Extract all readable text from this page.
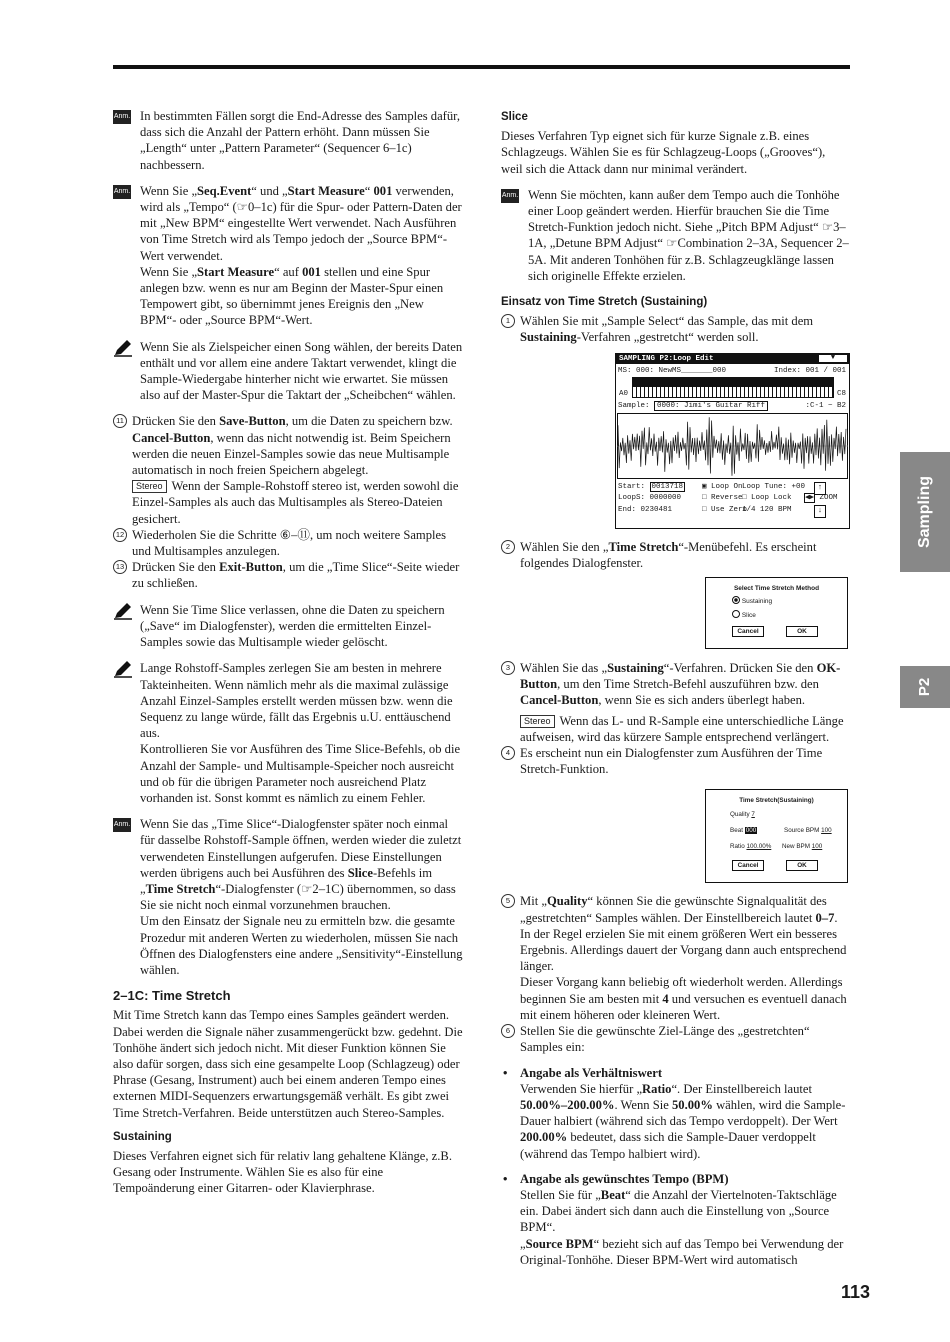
Anm. In bestimmten Fällen sorgt die End-Adresse des Samples dafür, dass sich die Anzahl der Pattern erhöht. Dann müssen Sie „Length“ unter „Pattern Parameter“ (Sequencer 6–1c) nachbessern.

Anm. Wenn Sie „Seq.Event“ und „Start Measure“ 001 verwenden, wird als „Tempo“ (☞0–1c) für die Spur- oder Pattern-Daten der mit „New BPM“ eingestellte Wert verwendet. Nach Ausführen von Time Stretch wird als Tempo jedoch der „Source BPM“-Wert verwendet.

Wenn Sie „Start Measure“ auf 001 stellen und eine Spur anlegen bzw. wenn es nur am Beginn der Master-Spur einen Tempowert gibt, so übernimmt jenes Ereignis den „New BPM“- oder „Source BPM“-Wert.

Wenn Sie als Zielspeicher einen Song wählen, der bereits Daten enthält und vor allem eine andere Taktart verwendet, klingt die Sample-Wiedergabe hinterher nicht wie erwartet. Sie müssen also auf der Master-Spur die Taktart der „Scheibchen“ wählen.

11 Drücken Sie den Save-Button, um die Daten zu speichern bzw. Cancel-Button, wenn das nicht notwendig ist. Beim Speichern werden die neuen Einzel-Samples sowie das neue Multisample automatisch in noch freien Speichern abgelegt.

Stereo Wenn der Sample-Rohstoff stereo ist, werden sowohl die Einzel-Samples als auch das Multisamples als Stereo-Dateien gesichert.

12 Wiederholen Sie die Schritte ⑥–⑪, um noch weitere Samples und Multisamples anzulegen.

13 Drücken Sie den Exit-Button, um die „Time Slice“-Seite wieder zu schließen.

Wenn Sie Time Slice verlassen, ohne die Daten zu speichern („Save“ im Dialogfenster), werden die ermittelten Einzel-Samples sowie das Multisample wieder gelöscht.

Lange Rohstoff-Samples zerlegen Sie am besten in mehrere Takteinheiten. Wenn nämlich mehr als die maximal zulässige Anzahl Einzel-Samples erstellt werden müssen bzw. wenn die Sequenz zu lange würde, fällt das Ergebnis u.U. enttäuschend aus.

Kontrollieren Sie vor Ausführen des Time Slice-Befehls, ob die Anzahl der Sample- und Multisample-Speicher noch ausreicht und ob für die übrigen Parameter noch ausreichend Platz vorhanden ist. Sonst kommt es nämlich zu einem Fehler.

Anm. Wenn Sie das „Time Slice“-Dialogfenster später noch einmal für dasselbe Rohstoff-Sample öffnen, werden wieder die zuletzt verwendeten Einstellungen aufgerufen. Diese Einstellungen werden übrigens auch bei Ausführen des Slice-Befehls im „Time Stretch“-Dialogfenster (☞2–1C) übernommen, so dass Sie sie nicht noch einmal vorzunehmen brauchen.

Um den Einsatz der Signale neu zu ermitteln bzw. die gesamte Prozedur mit anderen Werten zu wiederholen, müssen Sie nach Öffnen des Dialogfensters eine andere „Sensitivity“-Einstellung wählen.

2–1C: Time Stretch

Mit Time Stretch kann das Tempo eines Samples geändert werden. Dabei werden die Signale näher zusammengerückt bzw. gedehnt. Die Tonhöhe ändert sich jedoch nicht. Mit dieser Funktion können Sie also dafür sorgen, dass sich eine gesampelte Loop (Schlagzeug) oder Phrase (Gesang, Instrument) auch bei einem anderen Tempo eines externen MIDI-Sequenzers erwartungsgemäß verhält. Es gibt zwei Time Stretch-Verfahren. Beide unterstützen auch Stereo-Samples.

Sustaining

Dieses Verfahren eignet sich für relativ lang gehaltene Klänge, z.B. Gesang oder Instrumente. Wählen Sie es also für eine Tempoänderung einer Gitarren- oder Klavierphrase.

Slice

Dieses Verfahren Typ eignet sich für kurze Signale z.B. eines Schlagzeugs. Wählen Sie es für Schlagzeug-Loops („Grooves“), weil sich die Attack dann nur minimal verändert.

Anm. Wenn Sie möchten, kann außer dem Tempo auch die Tonhöhe einer Loop geändert werden. Hierfür brauchen Sie die Time Stretch-Funktion jedoch nicht. Siehe „Pitch BPM Adjust“ ☞3–1A, „Detune BPM Adjust“ ☞Combination 2–3A, Sequencer 2–5A. Mit anderen Tonhöhen für z.B. Schlagzeugklänge lassen sich originelle Effekte erzielen.

Einsatz von Time Stretch (Sustaining)
1 Wählen Sie mit „Sample Select“ das Sample, das mit dem Sustaining-Verfahren „gestretcht“ werden soll.

SAMPLING P2:Loop Edit	▼
MS: 000: NewMS_______000	Index: 001 / 001
A0	C8
Sample: 0000: Jimi's Guitar Riff	:C-1 ~ B2
Start: 0013718	▣ Loop On Loop Tune: +00	↑
LoopS: 0000000	□ Reverse □ Loop Lock ◀▶ ZOOM
End: 0230481	□ Use Zero
1/4 120 BPM	↓
2 Wählen Sie den „Time Stretch“-Menübefehl. Es erscheint folgendes Dialogfenster.

Select Time Stretch Method
Sustaining
Slice
Cancel	OK
3 Wählen Sie das „Sustaining“-Verfahren. Drücken Sie den OK-Button, um den Time Stretch-Befehl auszuführen bzw. den Cancel-Button, wenn Sie es sich anders überlegt haben.

Stereo Wenn das L- und R-Sample eine unterschiedliche Länge aufweisen, wird das kürzere Sample entsprechend verlängert.

4 Es erscheint nun ein Dialogfenster zum Ausführen der Time Stretch-Funktion.

Time Stretch(Sustaining)
Quality 7
Beat 000	Source BPM 100
Ratio 100.00% New BPM 100
Cancel	OK
5 Mit „Quality“ können Sie die gewünschte Signalqualität des „gestretchten“ Samples wählen. Der Einstellbereich lautet 0–7. In der Regel erzielen Sie mit einem größeren Wert ein besseres Ergebnis. Allerdings dauert der Vorgang dann auch entsprechend länger.

Dieser Vorgang kann beliebig oft wiederholt werden. Allerdings beginnen Sie am besten mit 4 und versuchen es eventuell danach mit einem höheren oder kleineren Wert.

6 Stellen Sie die gewünschte Ziel-Länge des „gestretchten“ Samples ein:

• Angabe als Verhältniswert

Verwenden Sie hierfür „Ratio“. Der Einstellbereich lautet 50.00%–200.00%. Wenn Sie 50.00% wählen, wird die Sample-Dauer halbiert (während sich das Tempo verdoppelt). Der Wert 200.00% bedeutet, dass sich die Sample-Dauer verdoppelt (während das Tempo halbiert wird).

• Angabe als gewünschtes Tempo (BPM)

Stellen Sie für „Beat“ die Anzahl der Viertelnoten-Taktschläge ein. Dabei ändert sich dann auch die Einstellung von „Source BPM“.

„Source BPM“ bezieht sich auf das Tempo bei Verwendung der Original-Tonhöhe. Dieser BPM-Wert wird automatisch

Sampling
P2
113
